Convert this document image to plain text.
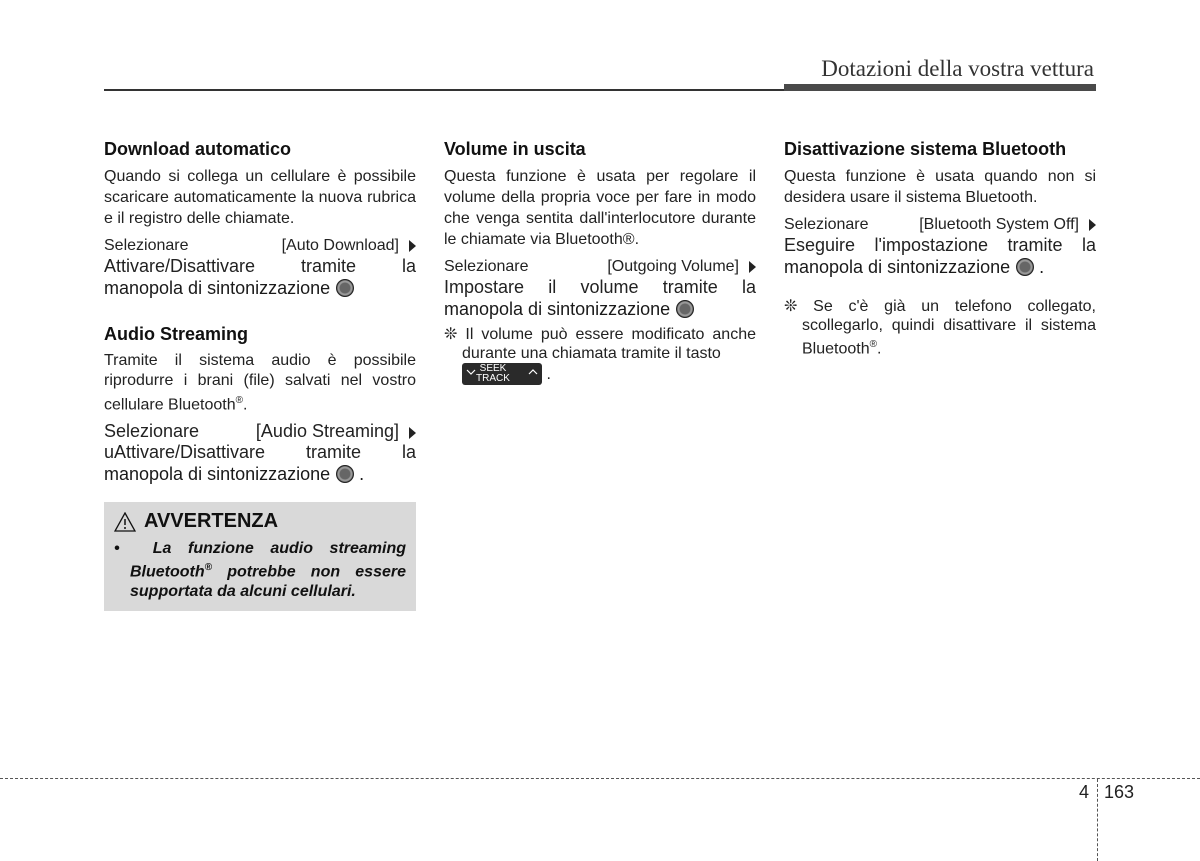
Dotazioni della vostra vettura
Download automatico

Quando si collega un cellulare è possibile scaricare automaticamente la nuova rubrica e il registro delle chiamate.

Selezionare	[Auto Download]
Attivare/Disattivare	tramite	la
manopola di sintonizzazione
Audio Streaming

Tramite il sistema audio è possibile riprodurre i brani (file) salvati nel vostro cellulare Bluetooth®.

Selezionare	[Audio Streaming]
uAttivare/Disattivare tramite la
manopola di sintonizzazione .
AVVERTENZA
• La funzione audio streaming Bluetooth® potrebbe non essere supportata da alcuni cellulari.
Volume in uscita

Questa funzione è usata per regolare il volume della propria voce per fare in modo che venga sentita dall'interlocutore durante le chiamate via Bluetooth®.

Selezionare	[Outgoing Volume]
Impostare il volume tramite la
manopola di sintonizzazione
❊ Il volume può essere modificato anche durante una chiamata tramite il tasto

SEEK
TRACK	.
Disattivazione sistema Bluetooth

Questa funzione è usata quando non si desidera usare il sistema Bluetooth.

Selezionare	[Bluetooth System Off]
Eseguire l'impostazione tramite la
manopola di sintonizzazione .
❊ Se c'è già un telefono collegato, scollegarlo, quindi disattivare il sistema Bluetooth®.
4 163
